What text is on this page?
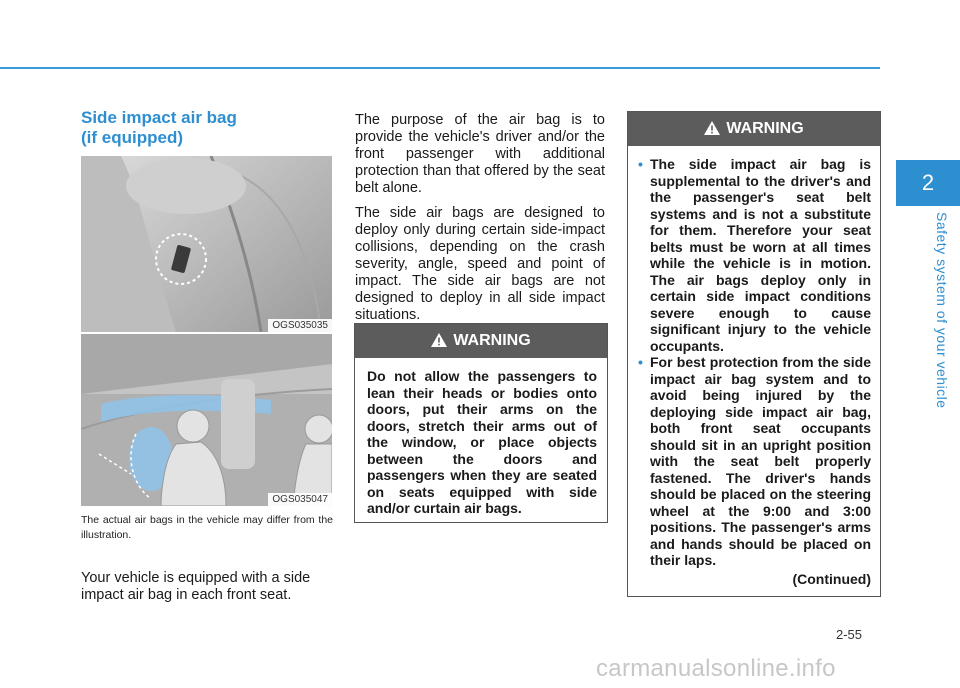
2
Safety system of your vehicle
Side impact air bag
(if equipped)
OGS035035
OGS035047
The actual air bags in the vehicle may differ from the illustration.
Your vehicle is equipped with a side impact air bag in each front seat.

The purpose of the air bag is to provide the vehicle's driver and/or the front passenger with additional protection than that offered by the seat belt alone.

The side air bags are designed to deploy only during certain side-impact collisions, depending on the crash severity, angle, speed and point of impact. The side air bags are not designed to deploy in all side impact situations.

WARNING
Do not allow the passengers to lean their heads or bodies onto doors, put their arms on the doors, stretch their arms out of the window, or place objects between the doors and passengers when they are seated on seats equipped with side and/or curtain air bags.
WARNING
• The side impact air bag is supplemental to the driver's and the passenger's seat belt systems and is not a substitute for them. Therefore your seat belts must be worn at all times while the vehicle is in motion. The air bags deploy only in certain side impact conditions severe enough to cause significant injury to the vehicle occupants.
• For best protection from the side impact air bag system and to avoid being injured by the deploying side impact air bag, both front seat occupants should sit in an upright position with the seat belt properly fastened. The driver's hands should be placed on the steering wheel at the 9:00 and 3:00 positions. The passenger's arms and hands should be placed on their laps.
(Continued)
2-55
carmanualsonline.info
